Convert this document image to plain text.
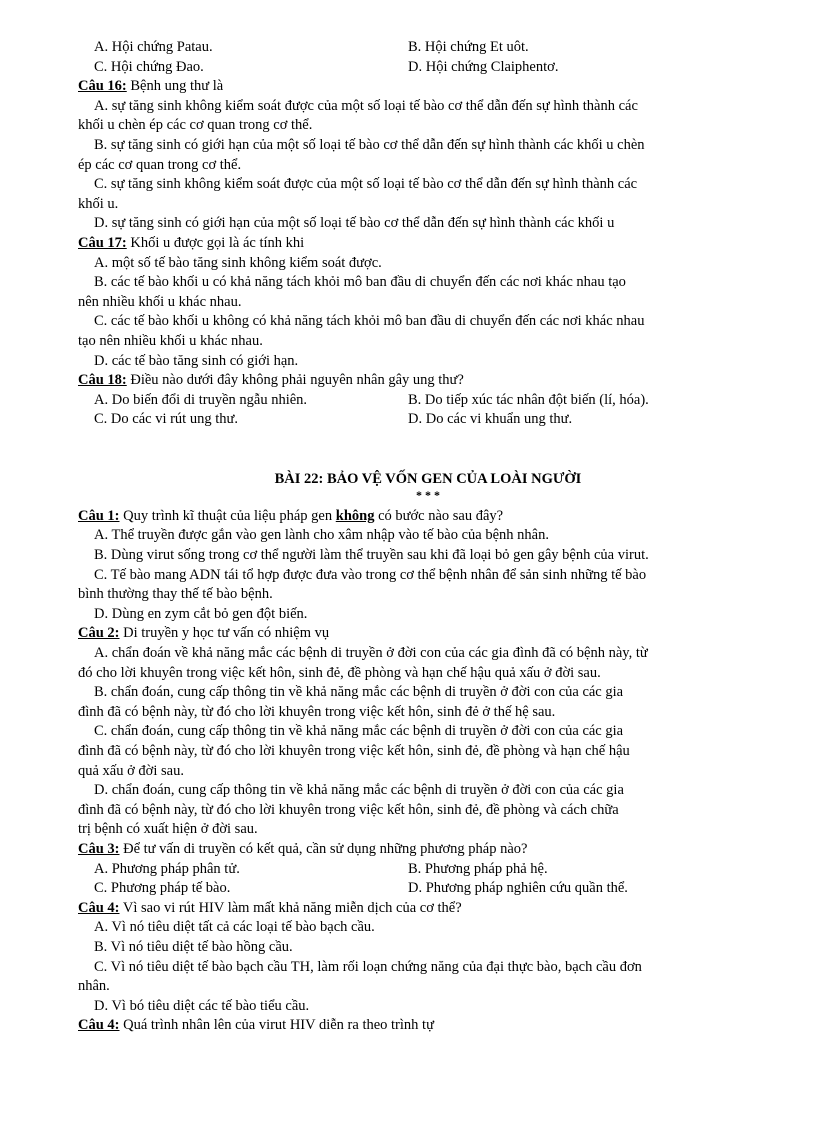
A. Hội chứng Patau.	B. Hội chứng Et uôt.
C. Hội chứng Đao.	D. Hội chứng Claiphentơ.
Câu 16: Bệnh ung thư là
A. sự tăng sinh không kiểm soát được của một số loại tế bào cơ thể dẫn đến sự hình thành các
khối u chèn ép các cơ quan trong cơ thể.
B. sự tăng sinh có giới hạn của một số loại tế bào cơ thể dẫn đến sự hình thành các khối u chèn
ép các cơ quan trong cơ thể.
C. sự tăng sinh không kiểm soát được của một số loại tế bào cơ thể dẫn đến sự hình thành các
khối u.
D. sự tăng sinh có giới hạn của một số loại tế bào cơ thể dẫn đến sự hình thành các khối u
Câu 17: Khối u được gọi là ác tính khi
A. một số tế bào tăng sinh không kiểm soát được.
B. các tế bào khối u có khả năng tách khỏi mô ban đầu di chuyển đến các nơi khác nhau tạo
nên nhiều khối u khác nhau.
C. các tế bào khối u không có khả năng tách khỏi mô ban đầu di chuyển đến các nơi khác nhau
tạo nên nhiều khối u khác nhau.
D. các tế bào tăng sinh có giới hạn.
Câu 18: Điều nào dưới đây không phải nguyên nhân gây ung thư?
A. Do biến đổi di truyền ngẫu nhiên.	B. Do tiếp xúc tác nhân đột biến (lí, hóa).
C. Do các vi rút ung thư.	D. Do các vi khuẩn ung thư.
BÀI 22: BẢO VỆ VỐN GEN CỦA LOÀI NGƯỜI
* * *
Câu 1: Quy trình kĩ thuật của liệu pháp gen không có bước nào sau đây?
A. Thể truyền được gắn vào gen lành cho xâm nhập vào tế bào của bệnh nhân.
B. Dùng virut sống trong cơ thể người làm thể truyền sau khi đã loại bỏ gen gây bệnh của virut.
C. Tế bào mang ADN tái tổ hợp được đưa vào trong cơ thể bệnh nhân để sản sinh những tế bào
bình thường thay thế tế bào bệnh.
D. Dùng en zym cắt bỏ gen đột biến.
Câu 2: Di truyền y học tư vấn có nhiệm vụ
A. chẩn đoán về khả năng mắc các bệnh di truyền ở đời con của các gia đình đã có bệnh này, từ
đó cho lời khuyên trong việc kết hôn, sinh đẻ, đề phòng và hạn chế hậu quả xấu ở đời sau.
B. chẩn đoán, cung cấp thông tin về khả năng mắc các bệnh di truyền ở đời con của các gia
đình đã có bệnh này, từ đó cho lời khuyên trong việc kết hôn, sinh đẻ ở thế hệ sau.
C. chẩn đoán, cung cấp thông tin về khả năng mắc các bệnh di truyền ở đời con của các gia
đình đã có bệnh này, từ đó cho lời khuyên trong việc kết hôn, sinh đẻ, đề phòng và hạn chế hậu
quả xấu ở đời sau.
D. chẩn đoán, cung cấp thông tin về khả năng mắc các bệnh di truyền ở đời con của các gia
đình đã có bệnh này, từ đó cho lời khuyên trong việc kết hôn, sinh đẻ, đề phòng và cách chữa
trị bệnh có xuất hiện ở đời sau.
Câu 3: Để tư vấn di truyền có kết quả, cần sử dụng những phương pháp nào?
A. Phương pháp phân tử.	B. Phương pháp phả hệ.
C. Phương pháp tế bào.	D. Phương pháp nghiên cứu quần thể.
Câu 4: Vì sao vi rút HIV làm mất khả năng miễn dịch của cơ thể?
A. Vì nó tiêu diệt tất cả các loại tế bào bạch cầu.
B. Vì nó tiêu diệt tế bào hồng cầu.
C. Vì nó tiêu diệt tế bào bạch cầu TH, làm rối loạn chứng năng của đại thực bào, bạch cầu đơn
nhân.
D. Vì bó tiêu diệt các tế bào tiểu cầu.
Câu 4: Quá trình nhân lên của virut HIV diễn ra theo trình tự
